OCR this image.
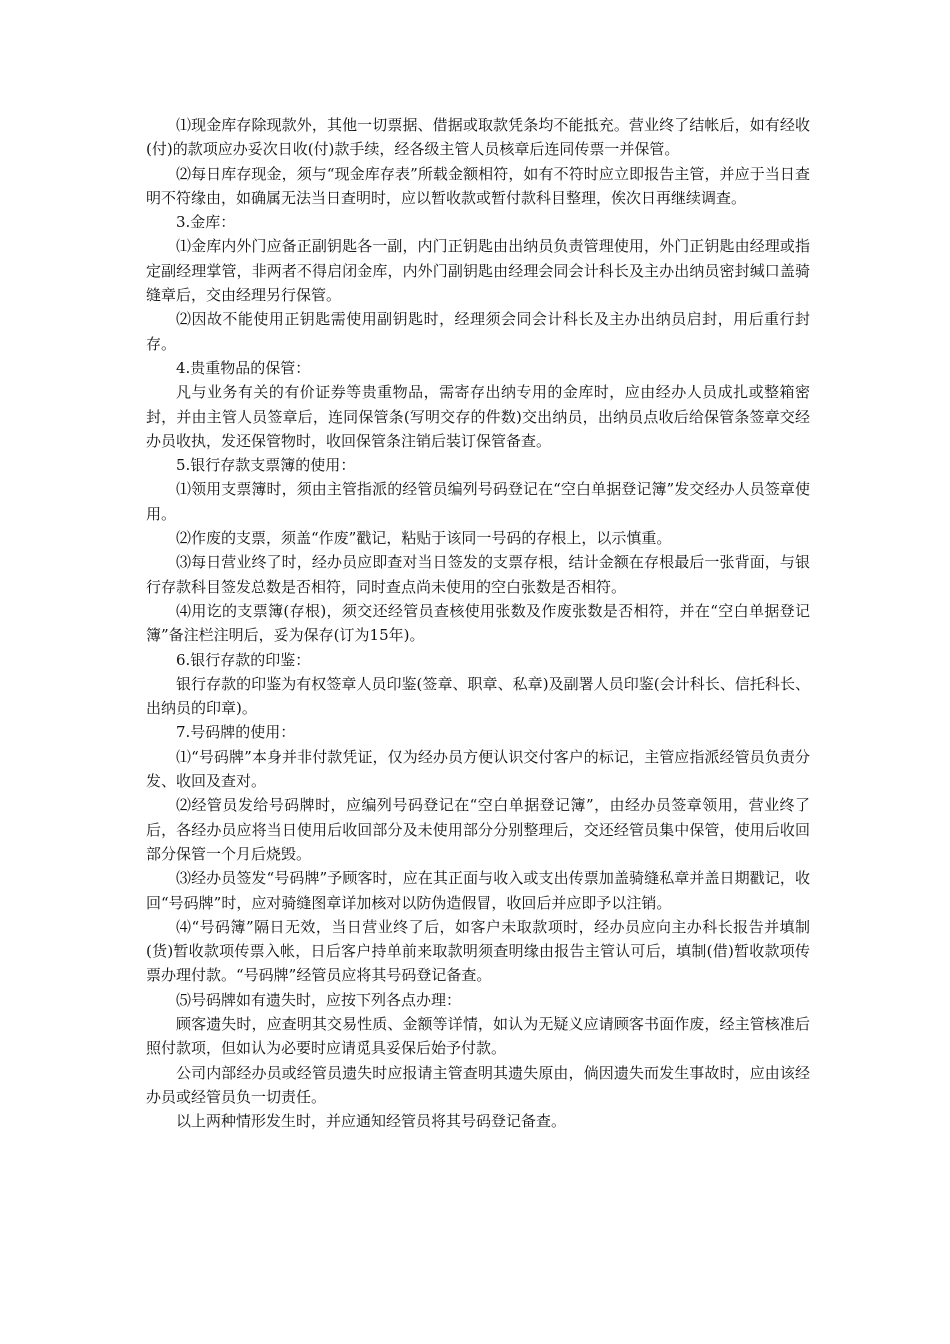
⑴现金库存除现款外，其他一切票据、借据或取款凭条均不能抵充。营业终了结帐后，如有经收(付)的款项应办妥次日收(付)款手续，经各级主管人员核章后连同传票一并保管。

⑵每日库存现金，须与“现金库存表”所载金额相符，如有不符时应立即报告主管，并应于当日查明不符缘由，如确属无法当日查明时，应以暂收款或暂付款科目整理，俟次日再继续调查。

3.金库：

⑴金库内外门应备正副钥匙各一副，内门正钥匙由出纳员负责管理使用，外门正钥匙由经理或指定副经理掌管，非两者不得启闭金库，内外门副钥匙由经理会同会计科长及主办出纳员密封缄口盖骑缝章后，交由经理另行保管。

⑵因故不能使用正钥匙需使用副钥匙时，经理须会同会计科长及主办出纳员启封，用后重行封存。

4.贵重物品的保管：

凡与业务有关的有价证券等贵重物品，需寄存出纳专用的金库时，应由经办人员成扎或整箱密封，并由主管人员签章后，连同保管条(写明交存的件数)交出纳员，出纳员点收后给保管条签章交经办员收执，发还保管物时，收回保管条注销后装订保管备查。

5.银行存款支票簿的使用：

⑴领用支票簿时，须由主管指派的经管员编列号码登记在“空白单据登记簿”发交经办人员签章使用。

⑵作废的支票，须盖“作废”戳记，粘贴于该同一号码的存根上，以示慎重。

⑶每日营业终了时，经办员应即查对当日签发的支票存根，结计金额在存根最后一张背面，与银行存款科目签发总数是否相符，同时查点尚未使用的空白张数是否相符。

⑷用讫的支票簿(存根)，须交还经管员查核使用张数及作废张数是否相符，并在“空白单据登记簿”备注栏注明后，妥为保存(订为15年)。

6.银行存款的印鉴：

银行存款的印鉴为有权签章人员印鉴(签章、职章、私章)及副署人员印鉴(会计科长、信托科长、出纳员的印章)。

7.号码牌的使用：

⑴“号码牌”本身并非付款凭证，仅为经办员方便认识交付客户的标记，主管应指派经管员负责分发、收回及查对。

⑵经管员发给号码牌时，应编列号码登记在“空白单据登记簿”，由经办员签章领用，营业终了后，各经办员应将当日使用后收回部分及未使用部分分别整理后，交还经管员集中保管，使用后收回部分保管一个月后烧毁。

⑶经办员签发“号码牌”予顾客时，应在其正面与收入或支出传票加盖骑缝私章并盖日期戳记，收回“号码牌”时，应对骑缝图章详加核对以防伪造假冒，收回后并应即予以注销。

⑷“号码簿”隔日无效，当日营业终了后，如客户未取款项时，经办员应向主办科长报告并填制(货)暂收款项传票入帐，日后客户持单前来取款明须查明缘由报告主管认可后，填制(借)暂收款项传票办理付款。“号码牌”经管员应将其号码登记备查。

⑸号码牌如有遗失时，应按下列各点办理：

顾客遗失时，应查明其交易性质、金额等详情，如认为无疑义应请顾客书面作废，经主管核准后照付款项，但如认为必要时应请觅具妥保后始予付款。

公司内部经办员或经管员遗失时应报请主管查明其遗失原由，倘因遗失而发生事故时，应由该经办员或经管员负一切责任。

以上两种情形发生时，并应通知经管员将其号码登记备查。
